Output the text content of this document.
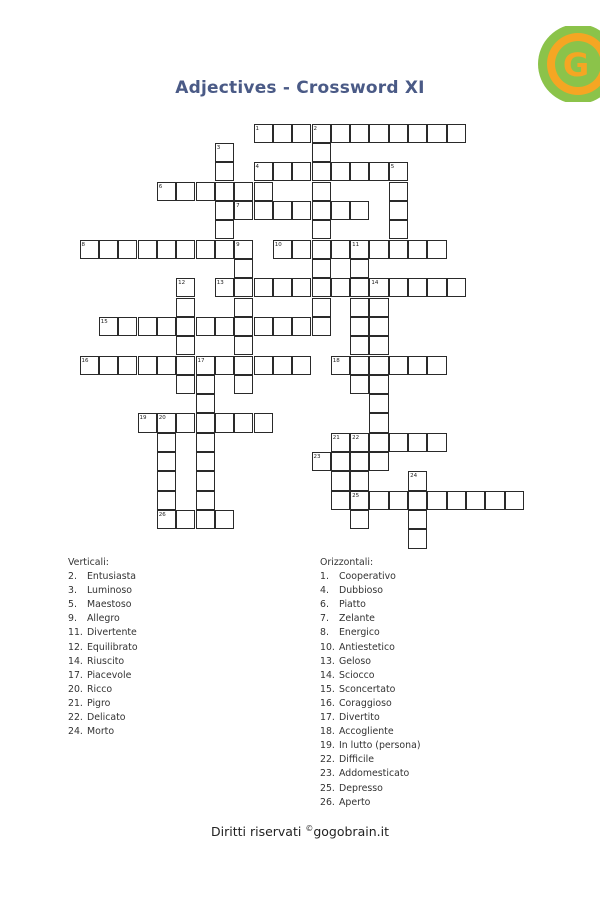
G
Adjectives - Crossword XI
1	2
3
4	5
6
7
8	9	10	11
12	13	14
15
16	17	18
19 20
21 22
23
24
25
26
Verticali:
2. Entusiasta
3. Luminoso
5. Maestoso
9. Allegro
11. Divertente
12. Equilibrato
14. Riuscito
17. Piacevole
20. Ricco
21. Pigro
22. Delicato
24. Morto
Orizzontali:
1. Cooperativo
4. Dubbioso
6. Piatto
7. Zelante
8. Energico
10. Antiestetico
13. Geloso
14. Sciocco
15. Sconcertato
16. Coraggioso
17. Divertito
18. Accogliente
19. In lutto (persona)
22. Difficile
23. Addomesticato
25. Depresso
26. Aperto
Diritti riservati ©gogobrain.it
